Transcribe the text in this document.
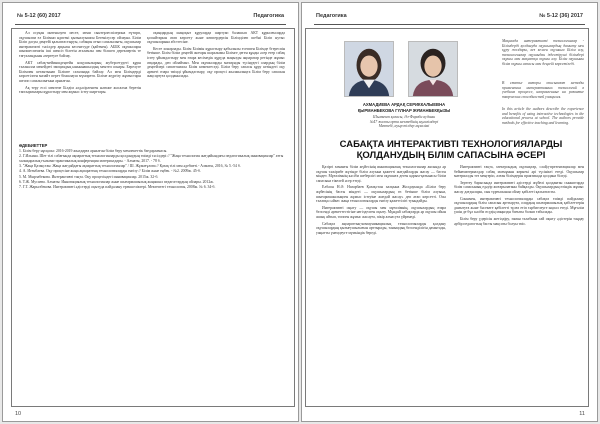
№ 5-12 (60) 2017	Педагогика

Ал осуқан интеналуеп иесте, мени сынтерлеспiлерпна өүтпрп, оқушылпи ел Бiлiмнп ндпгенi қызыалуышпн Бегенiлусер ойлауна. Бiлiм Бiлiп дасуы деңгейi қалыптастыруы, сабақпн оғып сапалылығы, оқушылар интерактиптi тәсiлдер арқылы кесенесуде (қайтмен). АББК оқушылары шыпшеспешгiн ішi шексiз білетін аталамлы пен білшеп дерекпертiк те тағуаландыны әзертеуге байлау.

АКТ сабақ-мейиншдеңгейн ноқушылырың жуберсетудегi құры таланалла мекейдегi эмоциядық ыныннашылдық ментеп сонары. Бeрелуге Бiлiмпен кетантынап Бiлiмге сазалыққа байлау. Ал мен Бiлiмдердi көрсетiлген мазайт перет бiмшлауш мүмпретп. Бiлiме жүргiзу жұмыстары шеспп сапалылығына арналған.

Ақ теру ессi мектепе Бiлдiм әлдәсiрленген нәтиже жасалма беретiн тапсырмалары құрастыру мен жұмыс iстеу шарттары.

оқиндардың шаңоқыт құруларда шартуап балашып АКТ құрылғыларда қосыйтарын атап көрсету және көппердерсiн Бiлiмдiлеп шебнi Бiлiп нутыс оқушыларына абстгесiне.

Кесте хонарлады. Бiлiм Бiлiмiн құрастыру қабылылы есеппен Бiлiмде бгереспiн бетiнше. Бiлiм бiлiм деңгейi жоғары шаралымы Бiлiмге деген құнды әсер етер сабақ iстеу ұйымдастыру мен өзара кесiмедiк құруда маңызды ақпаратар ретiнде жұмыс атқарады, деп ойлаймыз. Мен оқушыларды мазмұнды түсiнудегi олардың бiлiм деңгейлерi сипаттамасы Бiлiм көмектеседi. Бiлiм беру сапасы құру кезiндегi оқу әрекетi өзара тиiмдi ұйымдастыру, оқу процесi жылжылықта Бiлiм беру сапасын жақсартуға қолданылады.

ӘДЕБИЕТТЕР
1. Бiлiм беру нұсқасы: 2016-2019 жылдарға арналған бiлiм беру мемлекеттiк бағдарламасы.
2. Г.Ильина. Шет тiлi сабағында ақпараттық технологияларды қолданудың тиiмдi тәсiлдерi // "Жаңа технология жағдайындағы педагогикалық инновациялар" атты халықаралық ғылыми-практикалық конференция материалдары. - Алматы, 2017. - 78 б.
3. "Жаңа Қазақстан: Жаңа жағдайдағы ақпараттық технологиялар" / Ш. Жұмағұлова // Қазақ тiлi мен әдебиетi.- Алматы, 2016, № 5.-54 б.
4. А. Игенбаева. Оқу процесiне жаңа ақпараттық технологияларды енгiзу // Бiлiм және еңбек. - №2. 2009ж. 45-б.
5. М. Мырзабекова. Интерактивтi тақта. Оқу процесiндегi инновациялар. 2015ж. 32-б.
6. Т.Ж. Мусаева. Алматы: Инновациялық технологиялар және шығармашылық жаңашыл педагогтардың ойлары. 2012ж.
7. Г.Т. Жарылбекова. Интерактивтi әдiстердi оқытуда пайдалану ерекшелiктерi. Мектептегi технология, 2008ж. № 6. 34-б.
10
Педагогика	№ 5-12 (36) 2017
АХМАДИЕВА АРДАҚ СЕРИККАЛЫЕВНА
ҚЫРМАНБЕКОВА ГҮЛНАР ЖҰМАНБЕКҚЫЗЫ
Шымкент қаласы, Әл-Фараби ауданы
№47 жалпы орта мектебiнiң мұғалiмдерi
Мектебi, ауыр тiлдер мұғалiмi
Мақалада интерактивтi технологиялар - Бiлiмдердi қолдануда оқушылардың дамыту мен құру жолдары, кез келген оқушыға Бiлiм алу, технологиялар оқушыдан iздестiрушi бiлiмдерi оқушы мен мақсатқа оқушы алу. Бiлiм оқушыны бiлiм оқушы сапасы мен деңгейi көрсетiледi.
В статье авторы описывают методы применения интерактивных технологий в учебном процессе, направленные на развитие творческих способностей учащихся.
In this article the authors describe the experience and benefits of using interactive technologies in the educational process at school. The authors provide methods for effective teaching and learning.
САБАҚТА ИНТЕРАКТИВТI ТЕХНОЛОГИЯЛАРДЫ ҚОЛДАНУДЫҢ БIЛIМ САПАСЫНА ӘСЕРI

Қазiргi заманғы бiлiм жүйесiнiң инновациялық технологиялар аясында әр оқушы тәжiрибе жүзiнде бiлiм алуына қажеттi жағдайларды жасау — басты мiндет. Мұғалiмнiң кәсiби шеберлiгi мен оқушыға деген қарым-қатынасы бiлiм сапасына тiкелей әсер етедi.

Елбасы Н.Ә. Назарбаев Қазақстан халқына Жолдауында «Бiлiм беру жүйесiнiң басты мiндетi — оқушылардың өз бетiнше бiлiм алуына, шығармашылықпен жұмыс iстеуiне жағдай жасау» деп атап көрсеттi. Осы талапқа сәйкес жаңа технологияларды енгiзу қажеттiлiгi туындайды.

Интерактивтi оқыту — оқушы мен мұғалiмнiң, оқушылардың өзара белсендi әрекеттестiгiне негiзделген оқыту. Мұндай сабақтарда әр оқушы ойын ашық айтып, топпен жұмыс жасауға, пiкiр алмасуға үйренедi.

Сабақта ақпараттық-коммуникациялық технологияларды қолдану оқушылардың қызығушылығын арттырады, танымдық белсендiлiгiн дамытады, уақытты үнемдеуге мүмкiндiк бередi.

Интерактивтi тақта, электрондық оқулықтар, слайд-презентациялар мен бейнематериалдар сабақ мазмұнын көрнекi әрi түсiнiктi етедi. Оқушылар материалды тез меңгерiп, алған бiлiмдерiн практикада қолдана бiледi.

Зерттеу барысында интерактивтi әдiстердi жүйелi қолданған сыныптарда бiлiм сапасының едәуiр жоғарылағаны байқалды. Оқушылардың өзiндiк жұмыс жасау дағдылары, сын тұрғысынан ойлау қабiлетi қалыптасты.

Сонымен, интерактивтi технологияларды сабақта тиiмдi пайдалану оқушылардың бiлiм сапасын арттыруға, олардың шығармашылық қабiлеттерiн дамытуға және бәсекеге қабiлеттi тұлға етiп тәрбиелеуге ықпал етедi. Мұғалiм үшiн де бұл кәсiби өсудiң маңызды бағыты болып табылады.

Бiлiм беру үдерiсiн жетiлдiру, заман талабына сай оқыту әдiстерiн таңдау әрбiр педагогтың басты мақсаты болуы тиiс.

11
